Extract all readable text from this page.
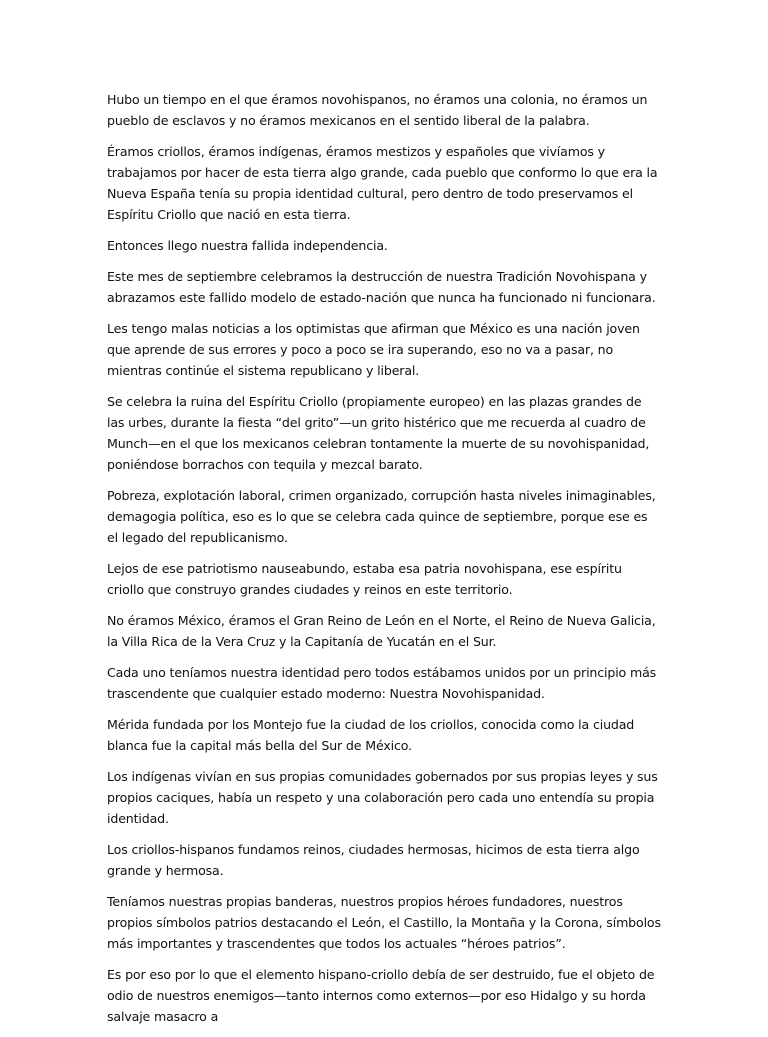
Hubo un tiempo en el que éramos novohispanos, no éramos una colonia, no éramos un pueblo de esclavos y no éramos mexicanos en el sentido liberal de la palabra.

Éramos criollos, éramos indígenas, éramos mestizos y españoles que vivíamos y trabajamos por hacer de esta tierra algo grande, cada pueblo que conformo lo que era la Nueva España tenía su propia identidad cultural, pero dentro de todo preservamos el Espíritu Criollo que nació en esta tierra.

Entonces llego nuestra fallida independencia.

Este mes de septiembre celebramos la destrucción de nuestra Tradición Novohispana y abrazamos este fallido modelo de estado-nación que nunca ha funcionado ni funcionara.

Les tengo malas noticias a los optimistas que afirman que México es una nación joven que aprende de sus errores y poco a poco se ira superando, eso no va a pasar, no mientras continúe el sistema republicano y liberal.

Se celebra la ruina del Espíritu Criollo (propiamente europeo) en las plazas grandes de las urbes, durante la fiesta “del grito”—un grito histérico que me recuerda al cuadro de Munch—en el que los mexicanos celebran tontamente la muerte de su novohispanidad, poniéndose borrachos con tequila y mezcal barato.

Pobreza, explotación laboral, crimen organizado, corrupción hasta niveles inimaginables, demagogia política, eso es lo que se celebra cada quince de septiembre, porque ese es el legado del republicanismo.

Lejos de ese patriotismo nauseabundo, estaba esa patria novohispana, ese espíritu criollo que construyo grandes ciudades y reinos en este territorio.

No éramos México, éramos el Gran Reino de León en el Norte, el Reino de Nueva Galicia, la Villa Rica de la Vera Cruz y la Capitanía de Yucatán en el Sur.

Cada uno teníamos nuestra identidad pero todos estábamos unidos por un principio más trascendente que cualquier estado moderno: Nuestra Novohispanidad.

Mérida fundada por los Montejo fue la ciudad de los criollos, conocida como la ciudad blanca fue la capital más bella del Sur de México.

Los indígenas vivían en sus propias comunidades gobernados por sus propias leyes y sus propios caciques, había un respeto y una colaboración pero cada uno entendía su propia identidad.

Los criollos-hispanos fundamos reinos, ciudades hermosas, hicimos de esta tierra algo grande y hermosa.

Teníamos nuestras propias banderas, nuestros propios héroes fundadores, nuestros propios símbolos patrios destacando el León, el Castillo, la Montaña y la Corona, símbolos más importantes y trascendentes que todos los actuales “héroes patrios”.

Es por eso por lo que el elemento hispano-criollo debía de ser destruido, fue el objeto de odio de nuestros enemigos—tanto internos como externos—por eso Hidalgo y su horda salvaje masacro a
